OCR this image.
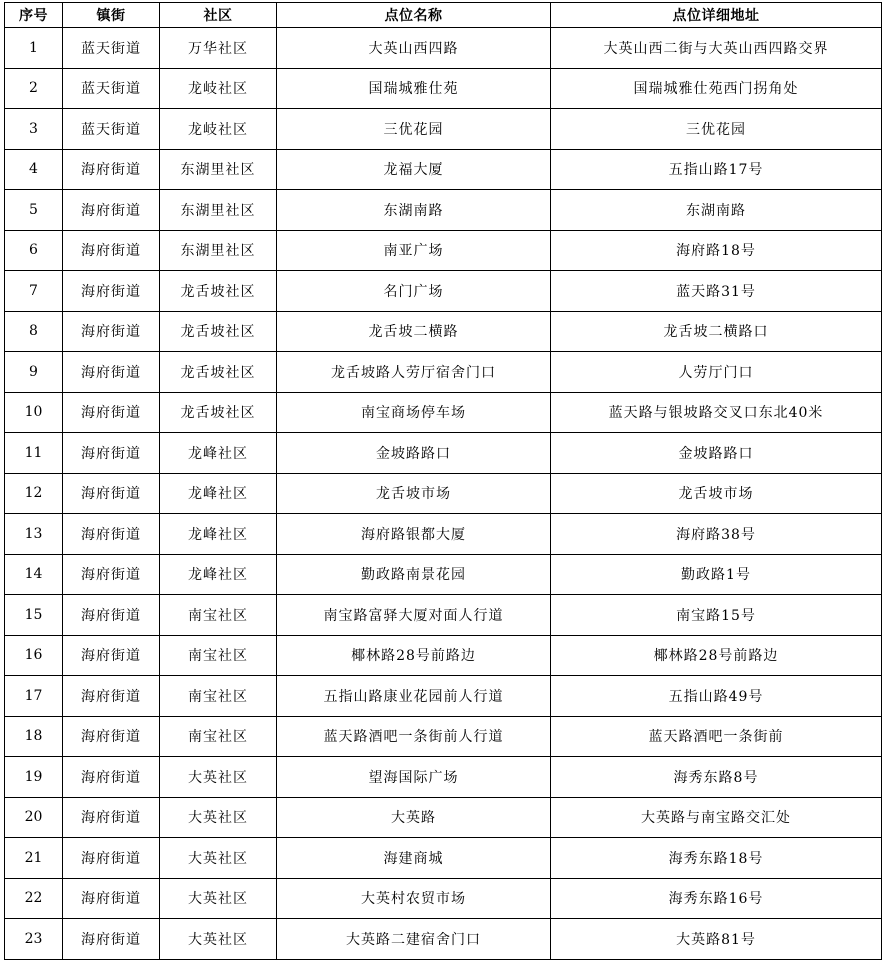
序号	镇街	社区	点位名称	点位详细地址
1	蓝天街道	万华社区	大英山西四路	大英山西二街与大英山西四路交界
2	蓝天街道	龙岐社区	国瑞城雅仕苑	国瑞城雅仕苑西门拐角处
3	蓝天街道	龙岐社区	三优花园	三优花园
4	海府街道	东湖里社区	龙福大厦	五指山路17号
5	海府街道	东湖里社区	东湖南路	东湖南路
6	海府街道	东湖里社区	南亚广场	海府路18号
7	海府街道	龙舌坡社区	名门广场	蓝天路31号
8	海府街道	龙舌坡社区	龙舌坡二横路	龙舌坡二横路口
9	海府街道	龙舌坡社区	龙舌坡路人劳厅宿舍门口	人劳厅门口
10	海府街道	龙舌坡社区	南宝商场停车场	蓝天路与银坡路交叉口东北40米
11	海府街道	龙峰社区	金坡路路口	金坡路路口
12	海府街道	龙峰社区	龙舌坡市场	龙舌坡市场
13	海府街道	龙峰社区	海府路银都大厦	海府路38号
14	海府街道	龙峰社区	勤政路南景花园	勤政路1号
15	海府街道	南宝社区	南宝路富驿大厦对面人行道	南宝路15号
16	海府街道	南宝社区	椰林路28号前路边	椰林路28号前路边
17	海府街道	南宝社区	五指山路康业花园前人行道	五指山路49号
18	海府街道	南宝社区	蓝天路酒吧一条街前人行道	蓝天路酒吧一条街前
19	海府街道	大英社区	望海国际广场	海秀东路8号
20	海府街道	大英社区	大英路	大英路与南宝路交汇处
21	海府街道	大英社区	海建商城	海秀东路18号
22	海府街道	大英社区	大英村农贸市场	海秀东路16号
23	海府街道	大英社区	大英路二建宿舍门口	大英路81号
